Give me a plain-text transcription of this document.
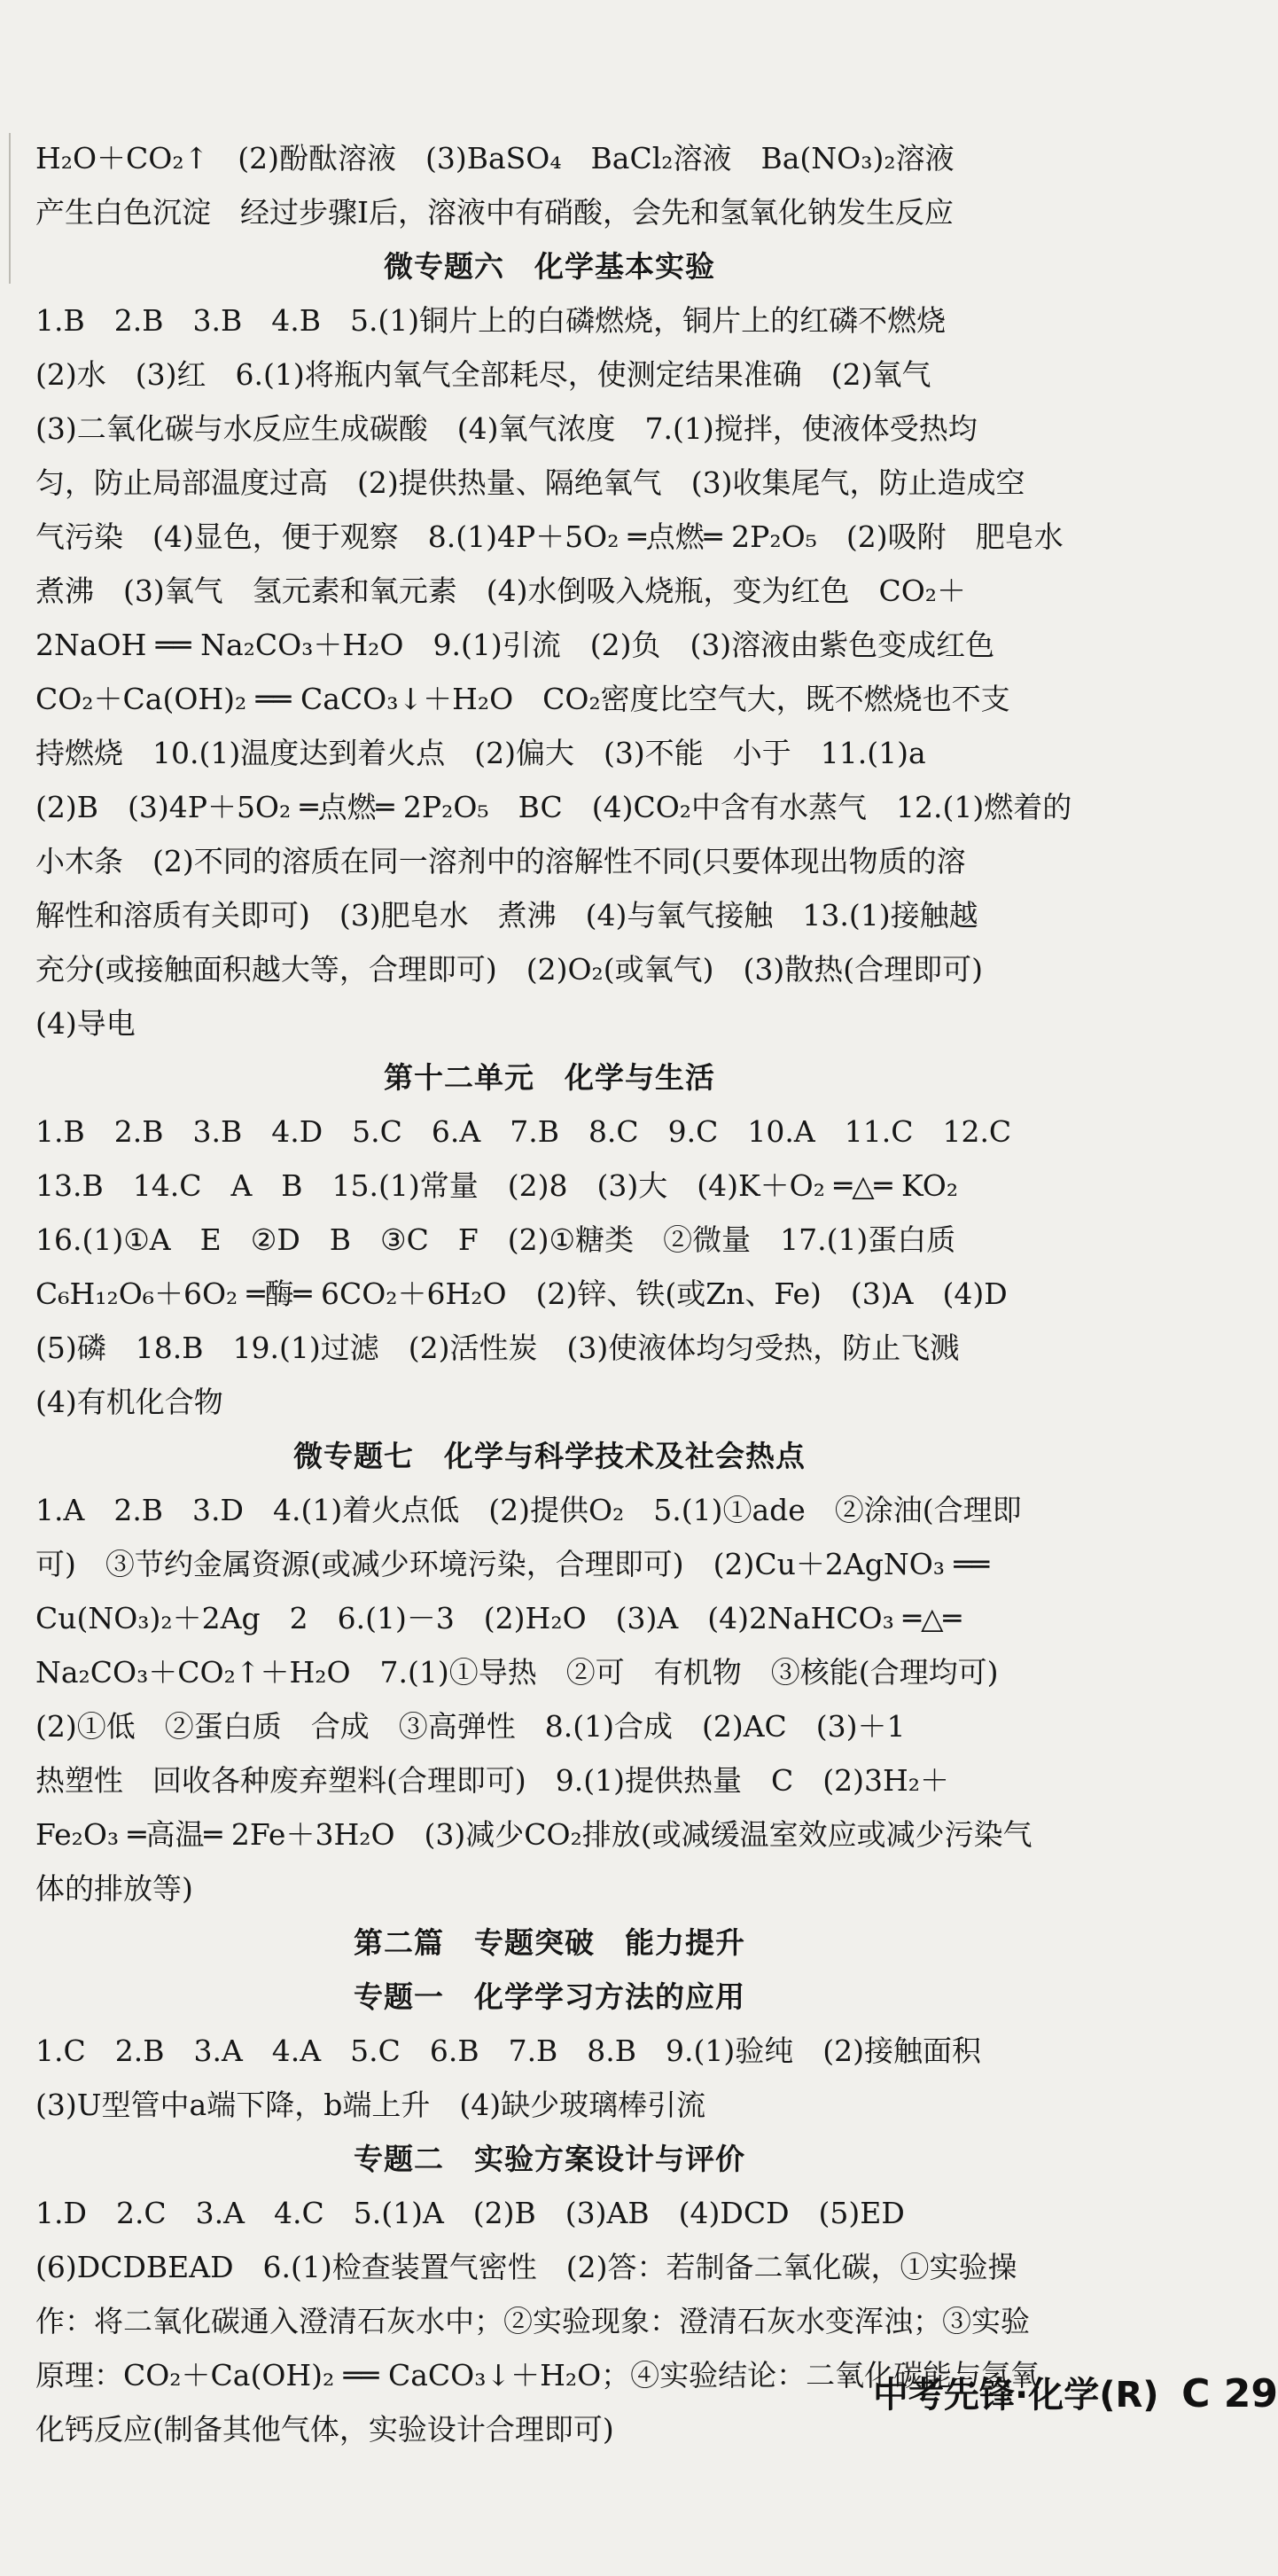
H₂O＋CO₂↑　(2)酚酞溶液　(3)BaSO₄　BaCl₂溶液　Ba(NO₃)₂溶液
产生白色沉淀　经过步骤Ⅰ后，溶液中有硝酸，会先和氢氧化钠发生反应
微专题六　化学基本实验
1.B　2.B　3.B　4.B　5.(1)铜片上的白磷燃烧，铜片上的红磷不燃烧
(2)水　(3)红　6.(1)将瓶内氧气全部耗尽，使测定结果准确　(2)氧气
(3)二氧化碳与水反应生成碳酸　(4)氧气浓度　7.(1)搅拌，使液体受热均
匀，防止局部温度过高　(2)提供热量、隔绝氧气　(3)收集尾气，防止造成空
气污染　(4)显色，便于观察　8.(1)4P＋5O₂ ═点燃═ 2P₂O₅　(2)吸附　肥皂水
煮沸　(3)氧气　氢元素和氧元素　(4)水倒吸入烧瓶，变为红色　CO₂＋
2NaOH ══ Na₂CO₃＋H₂O　9.(1)引流　(2)负　(3)溶液由紫色变成红色
CO₂＋Ca(OH)₂ ══ CaCO₃↓＋H₂O　CO₂密度比空气大，既不燃烧也不支
持燃烧　10.(1)温度达到着火点　(2)偏大　(3)不能　小于　11.(1)a
(2)B　(3)4P＋5O₂ ═点燃═ 2P₂O₅　BC　(4)CO₂中含有水蒸气　12.(1)燃着的
小木条　(2)不同的溶质在同一溶剂中的溶解性不同(只要体现出物质的溶
解性和溶质有关即可)　(3)肥皂水　煮沸　(4)与氧气接触　13.(1)接触越
充分(或接触面积越大等，合理即可)　(2)O₂(或氧气)　(3)散热(合理即可)
(4)导电
第十二单元　化学与生活
1.B　2.B　3.B　4.D　5.C　6.A　7.B　8.C　9.C　10.A　11.C　12.C
13.B　14.C　A　B　15.(1)常量　(2)8　(3)大　(4)K＋O₂ ═△═ KO₂
16.(1)①A　E　②D　B　③C　F　(2)①糖类　②微量　17.(1)蛋白质
C₆H₁₂O₆＋6O₂ ═酶═ 6CO₂＋6H₂O　(2)锌、铁(或Zn、Fe)　(3)A　(4)D
(5)磷　18.B　19.(1)过滤　(2)活性炭　(3)使液体均匀受热，防止飞溅
(4)有机化合物
微专题七　化学与科学技术及社会热点
1.A　2.B　3.D　4.(1)着火点低　(2)提供O₂　5.(1)①ade　②涂油(合理即
可)　③节约金属资源(或减少环境污染，合理即可)　(2)Cu＋2AgNO₃ ══
Cu(NO₃)₂＋2Ag　2　6.(1)－3　(2)H₂O　(3)A　(4)2NaHCO₃ ═△═
Na₂CO₃＋CO₂↑＋H₂O　7.(1)①导热　②可　有机物　③核能(合理均可)
(2)①低　②蛋白质　合成　③高弹性　8.(1)合成　(2)AC　(3)＋1
热塑性　回收各种废弃塑料(合理即可)　9.(1)提供热量　C　(2)3H₂＋
Fe₂O₃ ═高温═ 2Fe＋3H₂O　(3)减少CO₂排放(或减缓温室效应或减少污染气
体的排放等)
第二篇　专题突破　能力提升
专题一　化学学习方法的应用
1.C　2.B　3.A　4.A　5.C　6.B　7.B　8.B　9.(1)验纯　(2)接触面积
(3)U型管中a端下降，b端上升　(4)缺少玻璃棒引流
专题二　实验方案设计与评价
1.D　2.C　3.A　4.C　5.(1)A　(2)B　(3)AB　(4)DCD　(5)ED
(6)DCDBEAD　6.(1)检查装置气密性　(2)答：若制备二氧化碳，①实验操
作：将二氧化碳通入澄清石灰水中；②实验现象：澄清石灰水变浑浊；③实验
原理：CO₂＋Ca(OH)₂ ══ CaCO₃↓＋H₂O；④实验结论：二氧化碳能与氢氧
化钙反应(制备其他气体，实验设计合理即可)
中考先锋·化学(R) C 29
